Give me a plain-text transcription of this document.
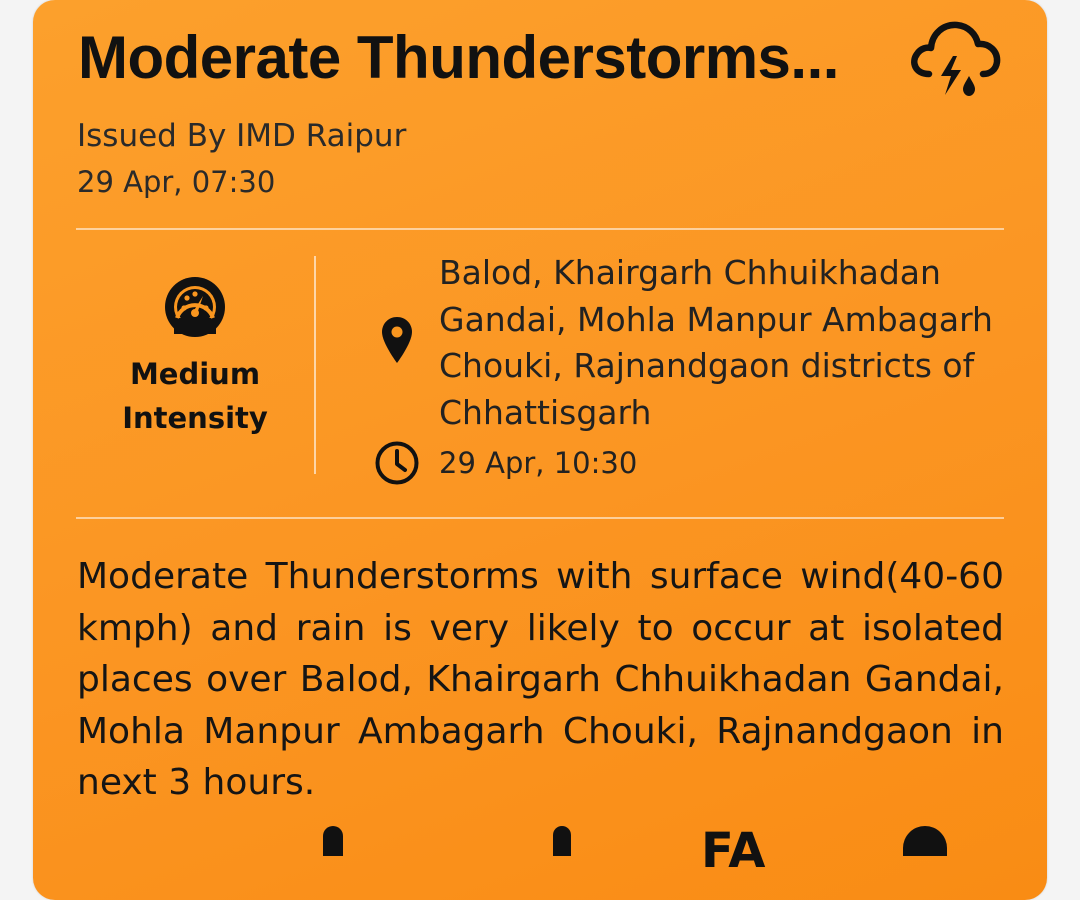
Moderate Thunderstorms...
Issued By IMD Raipur
29 Apr, 07:30
Medium Intensity
Balod, Khairgarh Chhuikhadan Gandai, Mohla Manpur Ambagarh Chouki, Rajnandgaon districts of Chhattisgarh
29 Apr, 10:30

Moderate Thunderstorms with surface wind(40-60 kmph) and rain is very likely to occur at isolated places over Balod, Khairgarh Chhuikhadan Gandai, Mohla Manpur Ambagarh Chouki, Rajnandgaon in next 3 hours.

FA
